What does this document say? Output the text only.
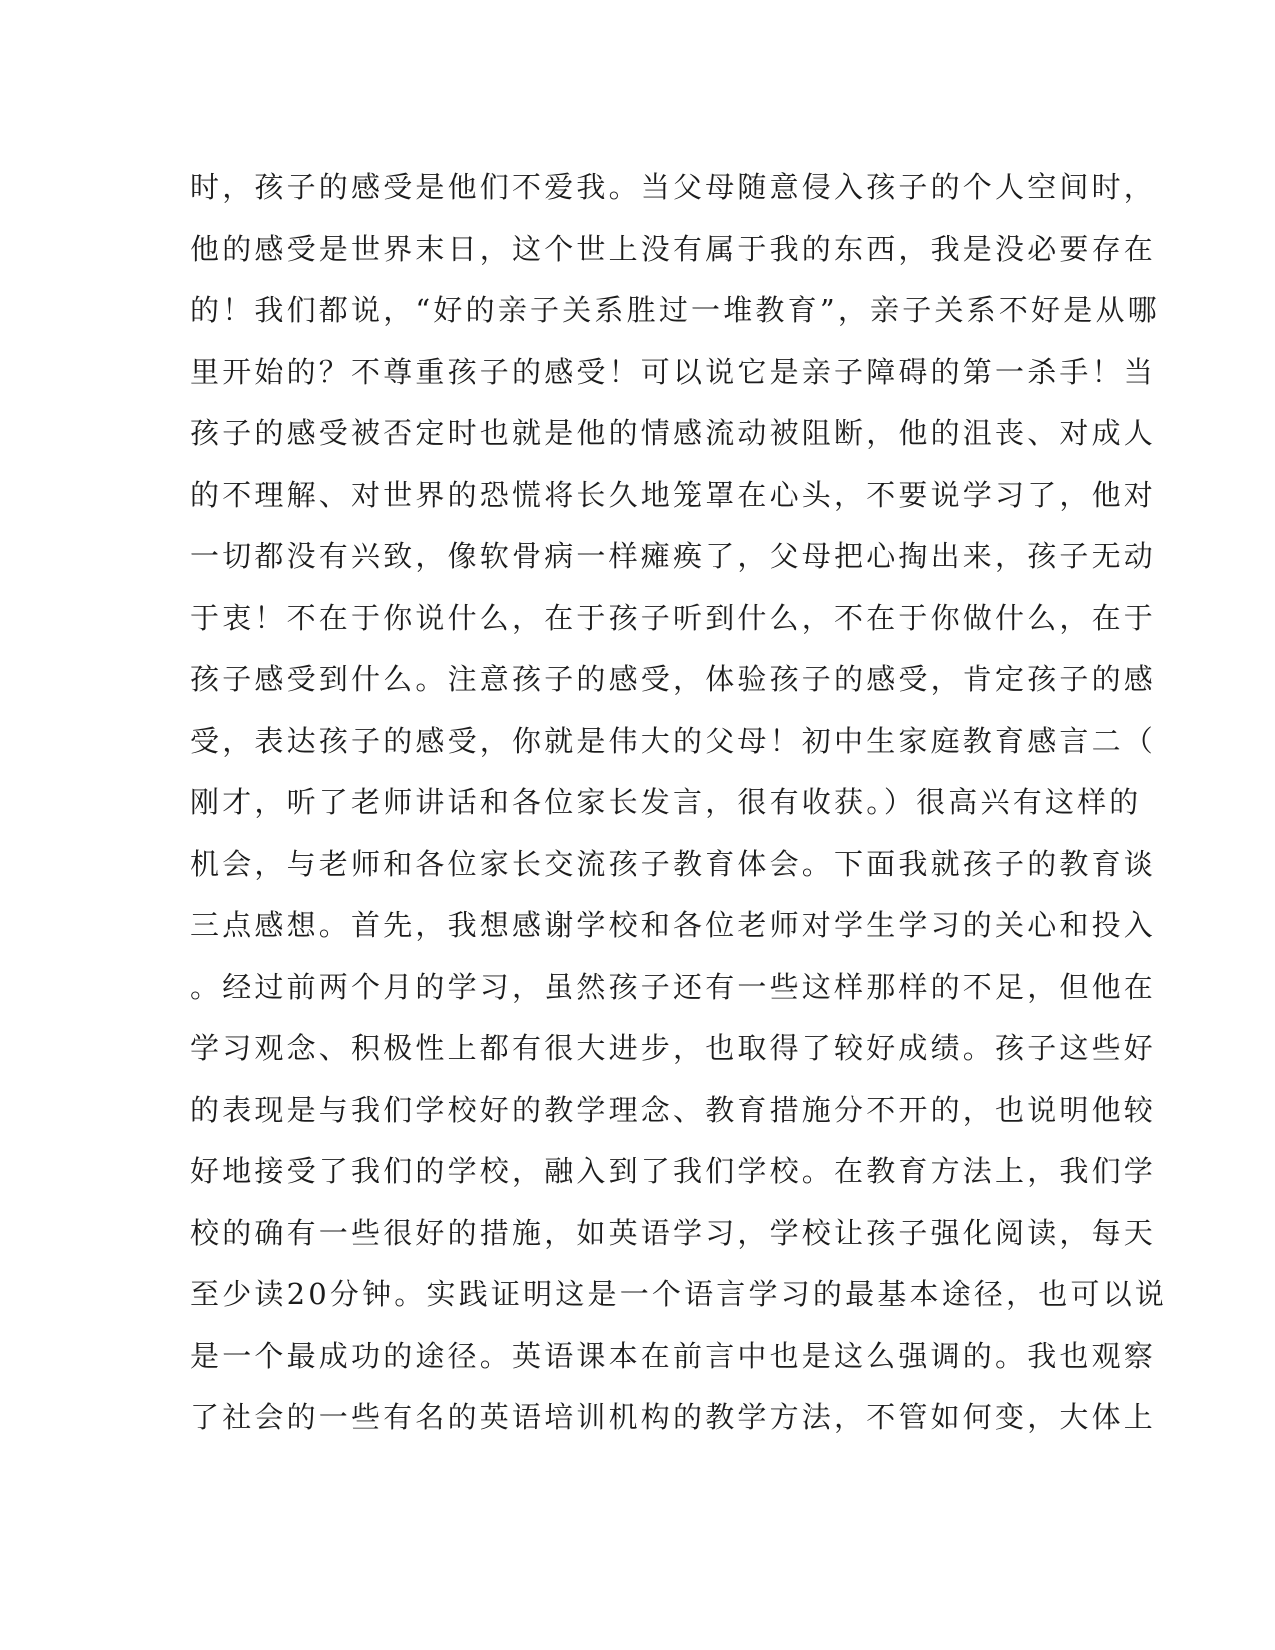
时，孩子的感受是他们不爱我。当父母随意侵入孩子的个人空间时，
他的感受是世界末日，这个世上没有属于我的东西，我是没必要存在
的！我们都说，“好的亲子关系胜过一堆教育”，亲子关系不好是从哪
里开始的？不尊重孩子的感受！可以说它是亲子障碍的第一杀手！当
孩子的感受被否定时也就是他的情感流动被阻断，他的沮丧、对成人
的不理解、对世界的恐慌将长久地笼罩在心头，不要说学习了，他对
一切都没有兴致，像软骨病一样瘫痪了，父母把心掏出来，孩子无动
于衷！不在于你说什么，在于孩子听到什么，不在于你做什么，在于
孩子感受到什么。注意孩子的感受，体验孩子的感受，肯定孩子的感
受，表达孩子的感受，你就是伟大的父母！初中生家庭教育感言二（
刚才，听了老师讲话和各位家长发言，很有收获。）很高兴有这样的
机会，与老师和各位家长交流孩子教育体会。下面我就孩子的教育谈
三点感想。首先，我想感谢学校和各位老师对学生学习的关心和投入
。经过前两个月的学习，虽然孩子还有一些这样那样的不足，但他在
学习观念、积极性上都有很大进步，也取得了较好成绩。孩子这些好
的表现是与我们学校好的教学理念、教育措施分不开的，也说明他较
好地接受了我们的学校，融入到了我们学校。在教育方法上，我们学
校的确有一些很好的措施，如英语学习，学校让孩子强化阅读，每天
至少读20分钟。实践证明这是一个语言学习的最基本途径，也可以说
是一个最成功的途径。英语课本在前言中也是这么强调的。我也观察
了社会的一些有名的英语培训机构的教学方法，不管如何变，大体上
